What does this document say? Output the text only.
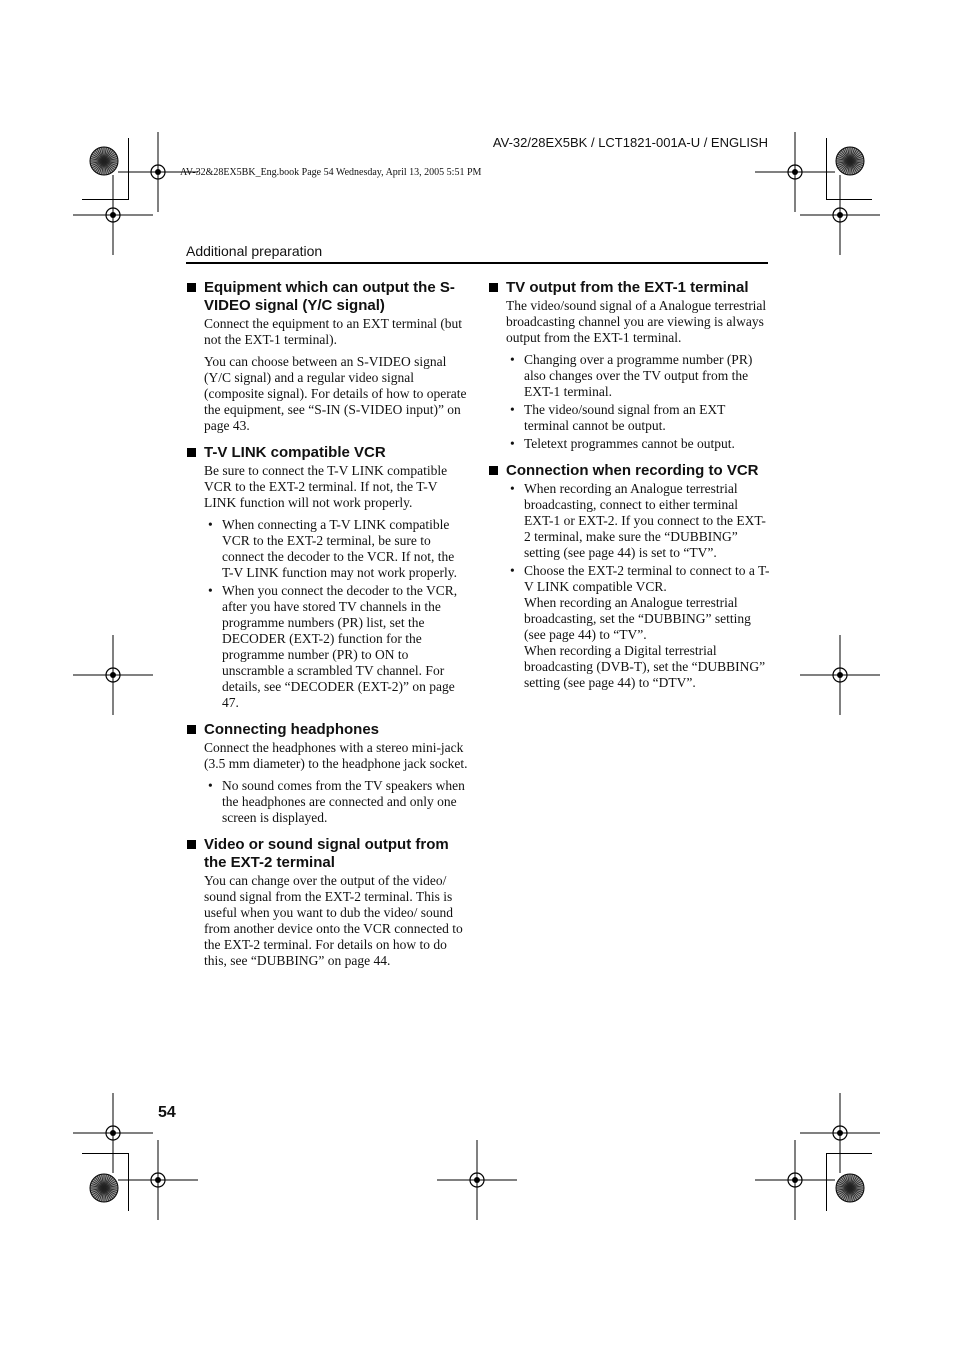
AV-32/28EX5BK / LCT1821-001A-U / ENGLISH
AV-32&28EX5BK_Eng.book Page 54 Wednesday, April 13, 2005 5:51 PM
Additional preparation
Equipment which can output the S-VIDEO signal (Y/C signal)

Connect the equipment to an EXT terminal (but not the EXT-1 terminal).

You can choose between an S-VIDEO signal (Y/C signal) and a regular video signal (composite signal). For details of how to operate the equipment, see “S-IN (S-VIDEO input)” on page 43.

T-V LINK compatible VCR

Be sure to connect the T-V LINK compatible VCR to the EXT-2 terminal. If not, the T-V LINK function will not work properly.

• When connecting a T-V LINK compatible VCR to the EXT-2 terminal, be sure to connect the decoder to the VCR. If not, the T-V LINK function may not work properly.
• When you connect the decoder to the VCR, after you have stored TV channels in the programme numbers (PR) list, set the DECODER (EXT-2) function for the programme number (PR) to ON to unscramble a scrambled TV channel. For details, see “DECODER (EXT-2)” on page 47.
Connecting headphones

Connect the headphones with a stereo mini-jack (3.5 mm diameter) to the headphone jack socket.

• No sound comes from the TV speakers when the headphones are connected and only one screen is displayed.
Video or sound signal output from the EXT-2 terminal

You can change over the output of the video/ sound signal from the EXT-2 terminal. This is useful when you want to dub the video/ sound from another device onto the VCR connected to the EXT-2 terminal. For details on how to do this, see “DUBBING” on page 44.

TV output from the EXT-1 terminal

The video/sound signal of a Analogue terrestrial broadcasting channel you are viewing is always output from the EXT-1 terminal.

• Changing over a programme number (PR) also changes over the TV output from the EXT-1 terminal.
• The video/sound signal from an EXT terminal cannot be output.
• Teletext programmes cannot be output.
Connection when recording to VCR
• When recording an Analogue terrestrial broadcasting, connect to either terminal EXT-1 or EXT-2. If you connect to the EXT-2 terminal, make sure the “DUBBING” setting (see page 44) is set to “TV”.
• Choose the EXT-2 terminal to connect to a T-V LINK compatible VCR.
When recording an Analogue terrestrial broadcasting, set the “DUBBING” setting (see page 44) to “TV”.
When recording a Digital terrestrial broadcasting (DVB-T), set the “DUBBING” setting (see page 44) to “DTV”.
54
